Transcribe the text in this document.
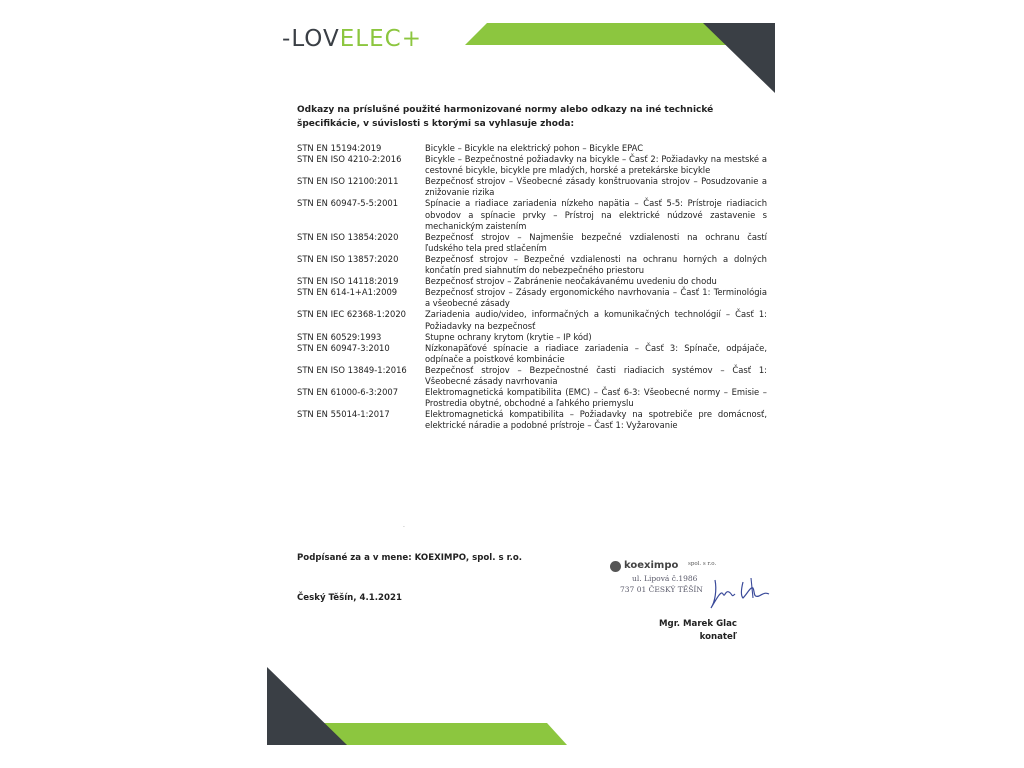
-LOVELEC+
Odkazy na príslušné použité harmonizované normy alebo odkazy na iné technické špecifikácie, v súvislosti s ktorými sa vyhlasuje zhoda:
STN EN 15194:2019	Bicykle – Bicykle na elektrický pohon – Bicykle EPAC
STN EN ISO 4210-2:2016	Bicykle – Bezpečnostné požiadavky na bicykle – Časť 2: Požiadavky na mestské a cestovné bicykle, bicykle pre mladých, horské a pretekárske bicykle
STN EN ISO 12100:2011	Bezpečnosť strojov – Všeobecné zásady konštruovania strojov – Posudzovanie a znižovanie rizika
STN EN 60947-5-5:2001	Spínacie a riadiace zariadenia nízkeho napätia – Časť 5-5: Prístroje riadiacich obvodov a spínacie prvky – Prístroj na elektrické núdzové zastavenie s mechanickým zaistením
STN EN ISO 13854:2020	Bezpečnosť strojov – Najmenšie bezpečné vzdialenosti na ochranu častí ľudského tela pred stlačením
STN EN ISO 13857:2020	Bezpečnosť strojov – Bezpečné vzdialenosti na ochranu horných a dolných končatín pred siahnutím do nebezpečného priestoru
STN EN ISO 14118:2019	Bezpečnosť strojov – Zabránenie neočakávanému uvedeniu do chodu
STN EN 614-1+A1:2009	Bezpečnosť strojov – Zásady ergonomického navrhovania – Časť 1: Terminológia a všeobecné zásady
STN EN IEC 62368-1:2020	Zariadenia audio/video, informačných a komunikačných technológií – Časť 1: Požiadavky na bezpečnosť
STN EN 60529:1993	Stupne ochrany krytom (krytie – IP kód)
STN EN 60947-3:2010	Nízkonapäťové spínacie a riadiace zariadenia – Časť 3: Spínače, odpájače, odpínače a poistkové kombinácie
STN EN ISO 13849-1:2016	Bezpečnosť strojov – Bezpečnostné časti riadiacich systémov – Časť 1: Všeobecné zásady navrhovania
STN EN 61000-6-3:2007	Elektromagnetická kompatibilita (EMC) – Časť 6-3: Všeobecné normy – Emisie – Prostredia obytné, obchodné a ľahkého priemyslu
STN EN 55014-1:2017	Elektromagnetická kompatibilita – Požiadavky na spotrebiče pre domácnosť, elektrické náradie a podobné prístroje – Časť 1: Vyžarovanie
·
Podpísané za a v mene: KOEXIMPO, spol. s r.o.
Český Těšín, 4.1.2021
koeximpo spol. s r.o.
ul. Lipová č.1986
737 01 ČESKÝ TĚŠÍN
Mgr. Marek Glac
konateľ
